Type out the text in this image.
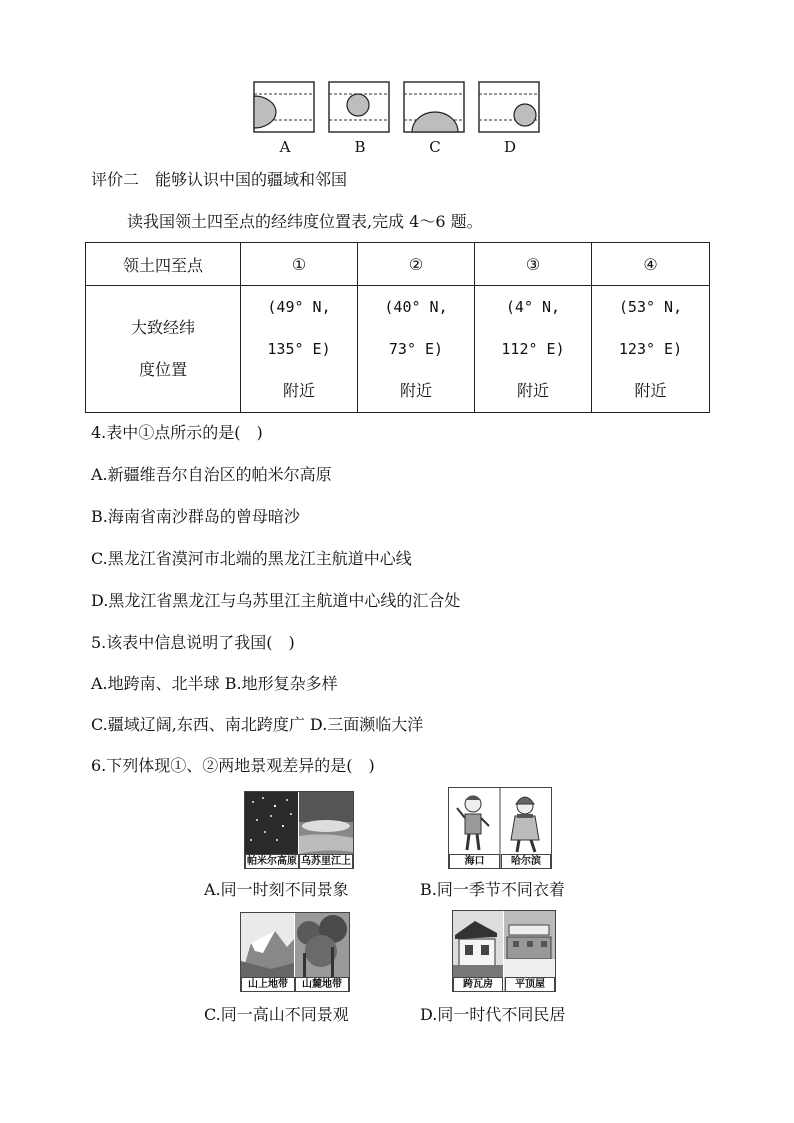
A	B	C	D
评价二　能够认识中国的疆域和邻国
读我国领土四至点的经纬度位置表,完成 4～6 题。
领土四至点	①	②	③	④

大致经纬
度位置	(49° N,
135° E)
附近	(40° N,
73° E)
附近	(4° N,
112° E)
附近	(53° N,
123° E)
附近
4.表中①点所示的是(　)
A.新疆维吾尔自治区的帕米尔高原
B.海南省南沙群岛的曾母暗沙
C.黑龙江省漠河市北端的黑龙江主航道中心线
D.黑龙江省黑龙江与乌苏里江主航道中心线的汇合处
5.该表中信息说明了我国(　)
A.地跨南、北半球 B.地形复杂多样
C.疆域辽阔,东西、南北跨度广 D.三面濒临大洋
6.下列体现①、②两地景观差异的是(　)
帕米尔高原 乌苏里江上
A.同一时刻不同景象
海口	哈尔滨
B.同一季节不同衣着
山上地带	山麓地带
C.同一高山不同景观
跨瓦房	平顶屋
D.同一时代不同民居
